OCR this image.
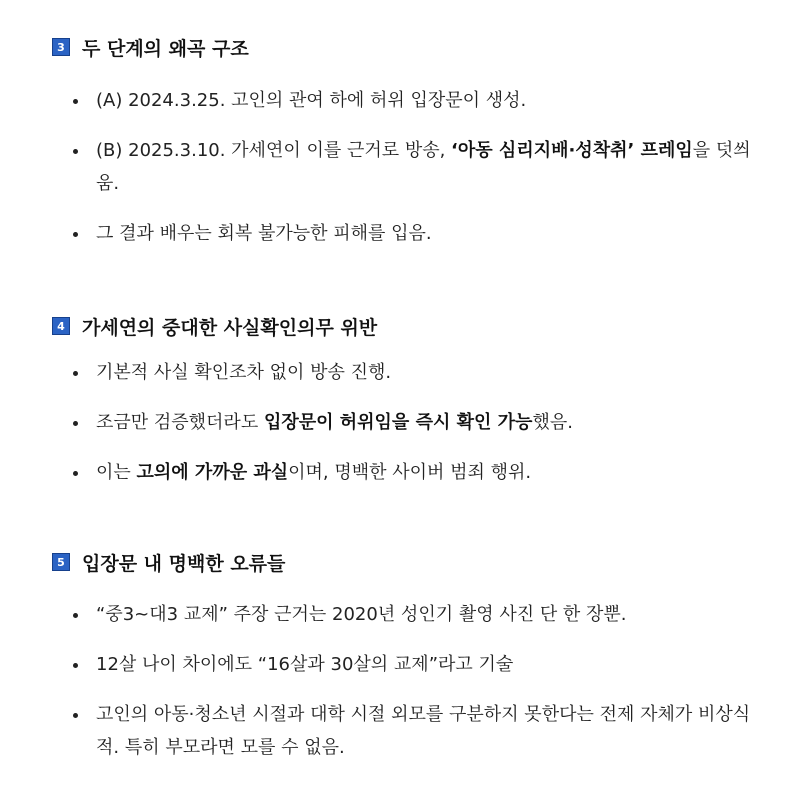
3 두 단계의 왜곡 구조
(A) 2024.3.25. 고인의 관여 하에 허위 입장문이 생성.
(B) 2025.3.10. 가세연이 이를 근거로 방송, ‘아동 심리지배·성착취’ 프레임을 덧씌움.
그 결과 배우는 회복 불가능한 피해를 입음.
4 가세연의 중대한 사실확인의무 위반
기본적 사실 확인조차 없이 방송 진행.
조금만 검증했더라도 입장문이 허위임을 즉시 확인 가능했음.
이는 고의에 가까운 과실이며, 명백한 사이버 범죄 행위.
5 입장문 내 명백한 오류들
“중3~대3 교제” 주장 근거는 2020년 성인기 촬영 사진 단 한 장뿐.
12살 나이 차이에도 “16살과 30살의 교제”라고 기술
고인의 아동·청소년 시절과 대학 시절 외모를 구분하지 못한다는 전제 자체가 비상식적. 특히 부모라면 모를 수 없음.
